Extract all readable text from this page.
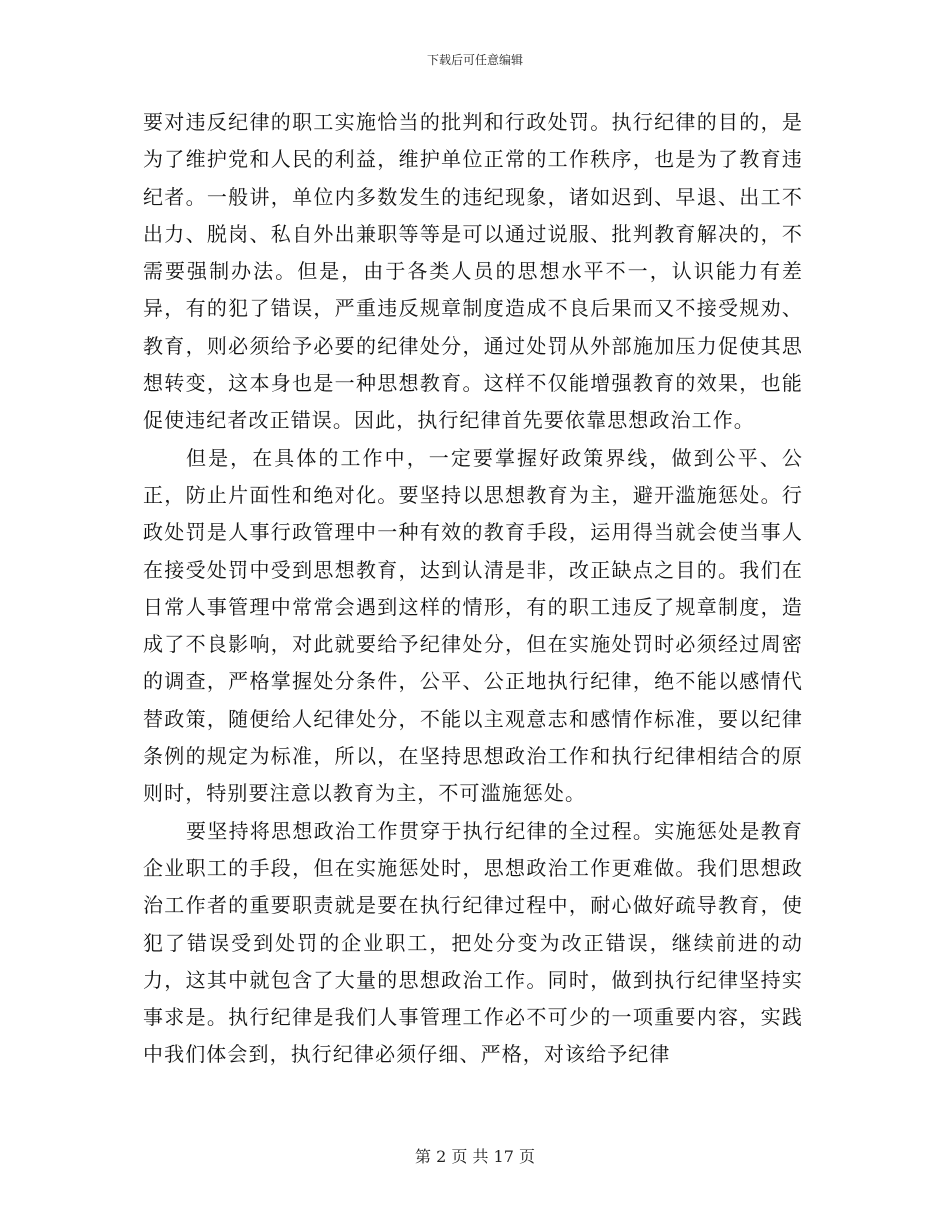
下载后可任意编辑

要对违反纪律的职工实施恰当的批判和行政处罚。执行纪律的目的，是为了维护党和人民的利益，维护单位正常的工作秩序，也是为了教育违纪者。一般讲，单位内多数发生的违纪现象，诸如迟到、早退、出工不出力、脱岗、私自外出兼职等等是可以通过说服、批判教育解决的，不需要强制办法。但是，由于各类人员的思想水平不一，认识能力有差异，有的犯了错误，严重违反规章制度造成不良后果而又不接受规劝、教育，则必须给予必要的纪律处分，通过处罚从外部施加压力促使其思想转变，这本身也是一种思想教育。这样不仅能增强教育的效果，也能促使违纪者改正错误。因此，执行纪律首先要依靠思想政治工作。

但是，在具体的工作中，一定要掌握好政策界线，做到公平、公正，防止片面性和绝对化。要坚持以思想教育为主，避开滥施惩处。行政处罚是人事行政管理中一种有效的教育手段，运用得当就会使当事人在接受处罚中受到思想教育，达到认清是非，改正缺点之目的。我们在日常人事管理中常常会遇到这样的情形，有的职工违反了规章制度，造成了不良影响，对此就要给予纪律处分，但在实施处罚时必须经过周密的调查，严格掌握处分条件，公平、公正地执行纪律，绝不能以感情代替政策，随便给人纪律处分，不能以主观意志和感情作标准，要以纪律条例的规定为标准，所以，在坚持思想政治工作和执行纪律相结合的原则时，特别要注意以教育为主，不可滥施惩处。

要坚持将思想政治工作贯穿于执行纪律的全过程。实施惩处是教育企业职工的手段，但在实施惩处时，思想政治工作更难做。我们思想政治工作者的重要职责就是要在执行纪律过程中，耐心做好疏导教育，使犯了错误受到处罚的企业职工，把处分变为改正错误，继续前进的动力，这其中就包含了大量的思想政治工作。同时，做到执行纪律坚持实事求是。执行纪律是我们人事管理工作必不可少的一项重要内容，实践中我们体会到，执行纪律必须仔细、严格，对该给予纪律

第 2 页 共 17 页
